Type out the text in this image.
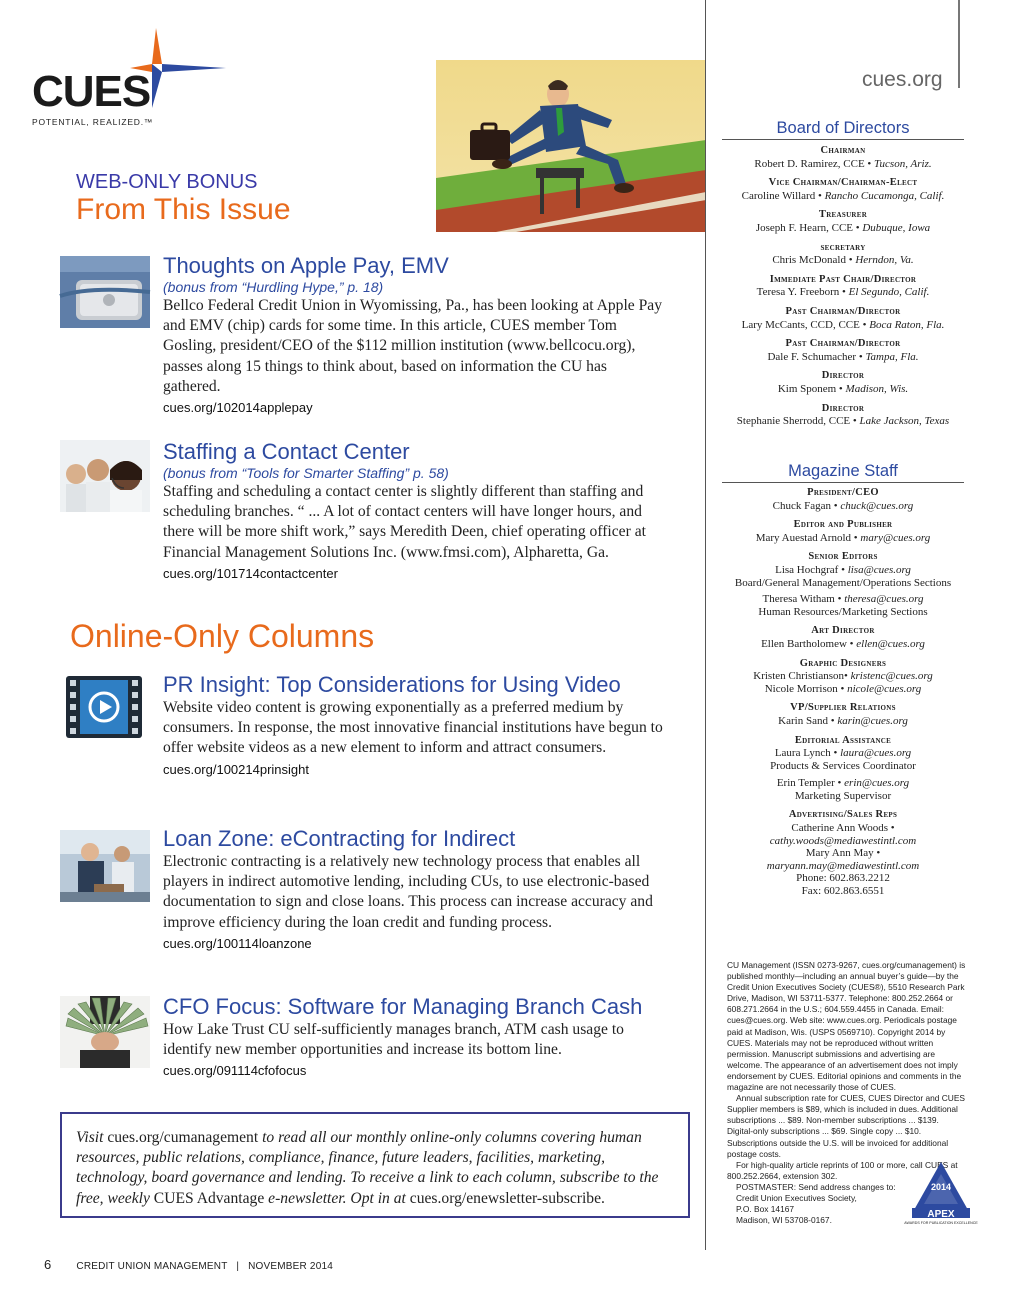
CUES
POTENTIAL, REALIZED.™
WEB-ONLY BONUS
From This Issue
Thoughts on Apple Pay, EMV
(bonus from “Hurdling Hype,” p. 18)
Bellco Federal Credit Union in Wyomissing, Pa., has been looking at Apple Pay and EMV (chip) cards for some time. In this article, CUES member Tom Gosling, president/CEO of the $112 million institution (www.bellcocu.org), passes along 15 things to think about, based on information the CU has gathered.
cues.org/102014applepay
Staffing a Contact Center
(bonus from “Tools for Smarter Staffing” p. 58)
Staffing and scheduling a contact center is slightly different than staffing and scheduling branches. “ ... A lot of contact centers will have longer hours, and there will be more shift work,” says Meredith Deen, chief operating officer at Financial Management Solutions Inc. (www.fmsi.com), Alpharetta, Ga.
cues.org/101714contactcenter
Online-Only Columns
PR Insight: Top Considerations for Using Video
Website video content is growing exponentially as a preferred medium by consumers. In response, the most innovative financial institutions have begun to offer website videos as a new element to inform and attract consumers.
cues.org/100214prinsight
Loan Zone: eContracting for Indirect
Electronic contracting is a relatively new technology process that enables all players in indirect automotive lending, including CUs, to use electronic-based documentation to sign and close loans. This process can increase accuracy and improve efficiency during the loan credit and funding process.
cues.org/100114loanzone
CFO Focus: Software for Managing Branch Cash
How Lake Trust CU self-sufficiently manages branch, ATM cash usage to identify new member opportunities and increase its bottom line.
cues.org/091114cfofocus
Visit cues.org/cumanagement to read all our monthly online-only columns covering human resources, public relations, compliance, finance, future leaders, facilities, marketing, technology, board governance and lending. To receive a link to each column, subscribe to the free, weekly CUES Advantage e-newsletter. Opt in at cues.org/enewsletter-subscribe.
6 CREDIT UNION MANAGEMENT | NOVEMBER 2014
cues.org
Board of Directors
Chairman
Robert D. Ramirez, CCE • Tucson, Ariz.
Vice Chairman/Chairman-Elect
Caroline Willard • Rancho Cucamonga, Calif.
Treasurer
Joseph F. Hearn, CCE • Dubuque, Iowa
secretary
Chris McDonald • Herndon, Va.
Immediate Past Chair/Director
Teresa Y. Freeborn • El Segundo, Calif.
Past Chairman/Director
Lary McCants, CCD, CCE • Boca Raton, Fla.
Past Chairman/Director
Dale F. Schumacher • Tampa, Fla.
Director
Kim Sponem • Madison, Wis.
Director
Stephanie Sherrodd, CCE • Lake Jackson, Texas
Magazine Staff
President/CEO
Chuck Fagan • chuck@cues.org
Editor and Publisher
Mary Auestad Arnold • mary@cues.org
Senior Editors
Lisa Hochgraf • lisa@cues.org
Board/General Management/Operations Sections
Theresa Witham • theresa@cues.org
Human Resources/Marketing Sections
Art Director
Ellen Bartholomew • ellen@cues.org
Graphic Designers
Kristen Christianson• kristenc@cues.org
Nicole Morrison • nicole@cues.org
VP/Supplier Relations
Karin Sand • karin@cues.org
Editorial Assistance
Laura Lynch • laura@cues.org
Products & Services Coordinator
Erin Templer • erin@cues.org
Marketing Supervisor
Advertising/Sales Reps
Catherine Ann Woods •
cathy.woods@mediawestintl.com
Mary Ann May •
maryann.may@mediawestintl.com
Phone: 602.863.2212
Fax: 602.863.6551

CU Management (ISSN 0273-9267, cues.org/cumanagement) is published monthly—including an annual buyer’s guide—by the Credit Union Executives Society (CUES®), 5510 Research Park Drive, Madison, WI 53711-5377. Telephone: 800.252.2664 or 608.271.2664 in the U.S.; 604.559.4455 in Canada. Email: cues@cues.org. Web site: www.cues.org. Periodicals postage paid at Madison, Wis. (USPS 0569710). Copyright 2014 by CUES. Materials may not be reproduced without written permission. Manuscript submissions and advertising are welcome. The appearance of an advertisement does not imply endorsement by CUES. Editorial opinions and comments in the magazine are not necessarily those of CUES.

Annual subscription rate for CUES, CUES Director and CUES Supplier members is $89, which is included in dues. Additional subscriptions ... $89. Non-member subscriptions ... $139. Digital-only subscriptions ... $69. Single copy ... $10. Subscriptions outside the U.S. will be invoiced for additional postage costs.

For high-quality article reprints of 100 or more, call CUES at 800.252.2664, extension 302.

POSTMASTER: Send address changes to:

Credit Union Executives Society,

P.O. Box 14167

Madison, WI 53708-0167.

2014
APEX
AWARDS FOR PUBLICATION EXCELLENCE
